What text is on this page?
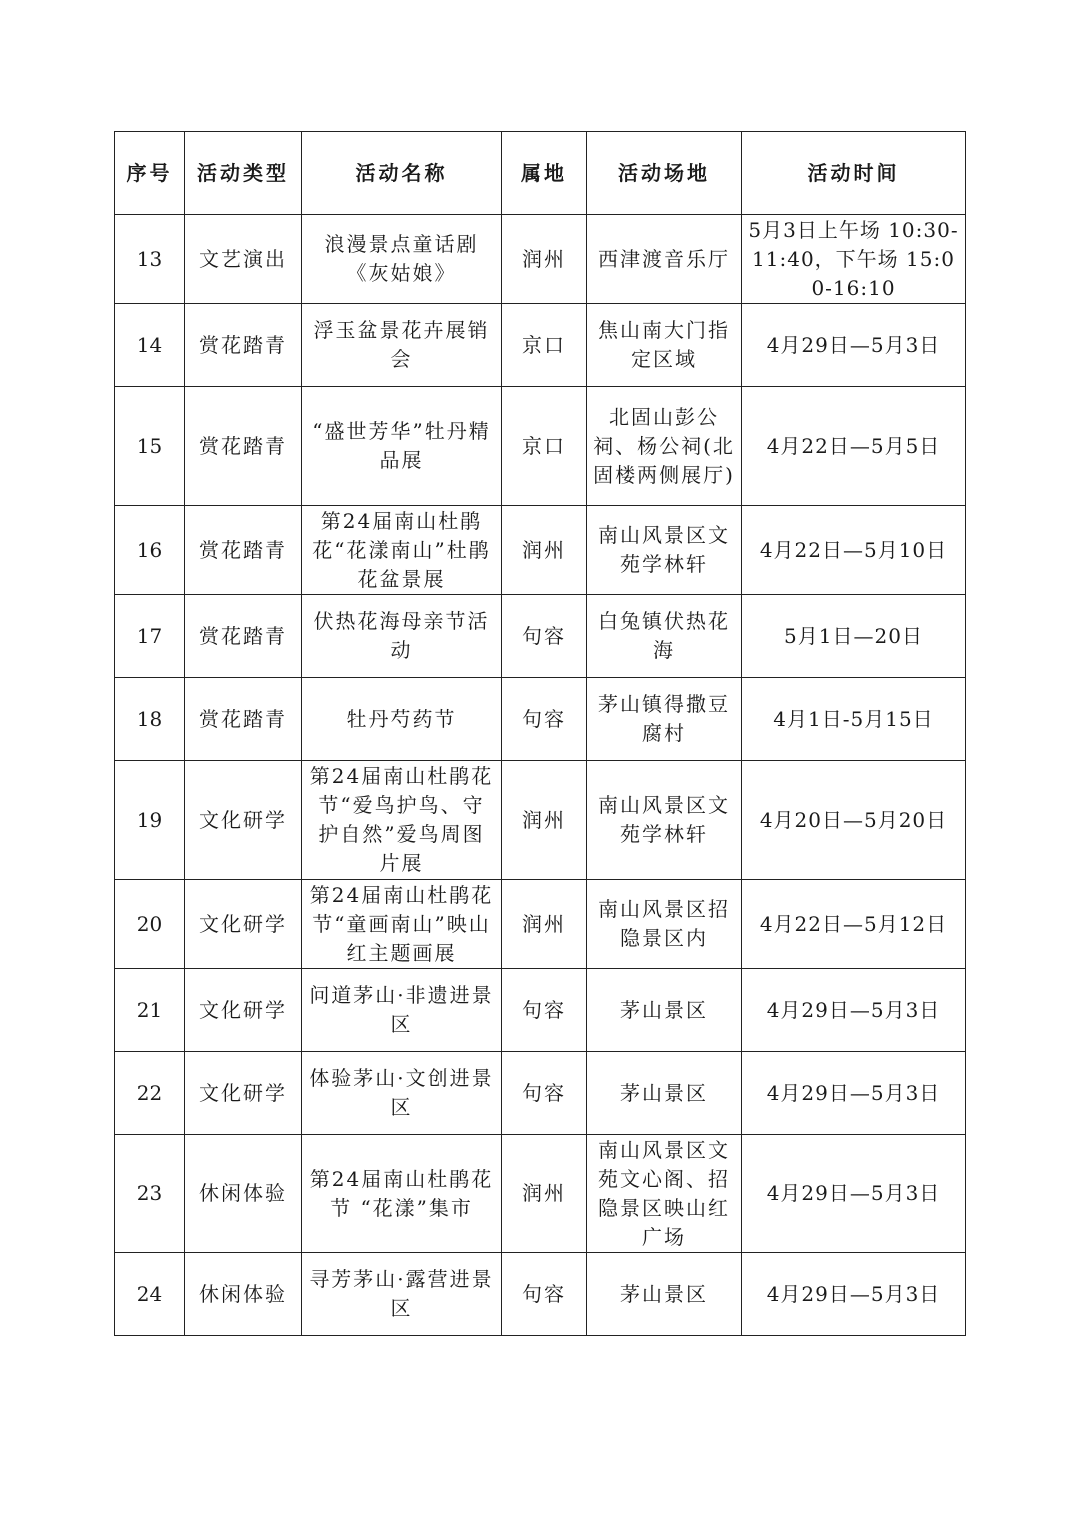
序号	活动类型	活动名称	属地	活动场地	活动时间
13	文艺演出	浪漫景点童话剧《灰姑娘》	润州	西津渡音乐厅	5月3日上午场 10:30-11:40，下午场 15:00-16:10
14	赏花踏青	浮玉盆景花卉展销会	京口	焦山南大门指定区域	4月29日—5月3日
15	赏花踏青	“盛世芳华”牡丹精品展	京口	北固山彭公祠、杨公祠(北固楼两侧展厅)	4月22日—5月5日
16	赏花踏青	第24届南山杜鹃花“花漾南山”杜鹃花盆景展	润州	南山风景区文苑学林轩	4月22日—5月10日
17	赏花踏青	伏热花海母亲节活动	句容	白兔镇伏热花海	5月1日—20日
18	赏花踏青	牡丹芍药节	句容	茅山镇得撒豆腐村	4月1日-5月15日
19	文化研学	第24届南山杜鹃花节“爱鸟护鸟、守护自然”爱鸟周图片展	润州	南山风景区文苑学林轩	4月20日—5月20日
20	文化研学	第24届南山杜鹃花节“童画南山”映山红主题画展	润州	南山风景区招隐景区内	4月22日—5月12日
21	文化研学	问道茅山·非遗进景区	句容	茅山景区	4月29日—5月3日
22	文化研学	体验茅山·文创进景区	句容	茅山景区	4月29日—5月3日
23	休闲体验	第24届南山杜鹃花节 “花漾”集市	润州	南山风景区文苑文心阁、招隐景区映山红广场	4月29日—5月3日
24	休闲体验	寻芳茅山·露营进景区	句容	茅山景区	4月29日—5月3日
